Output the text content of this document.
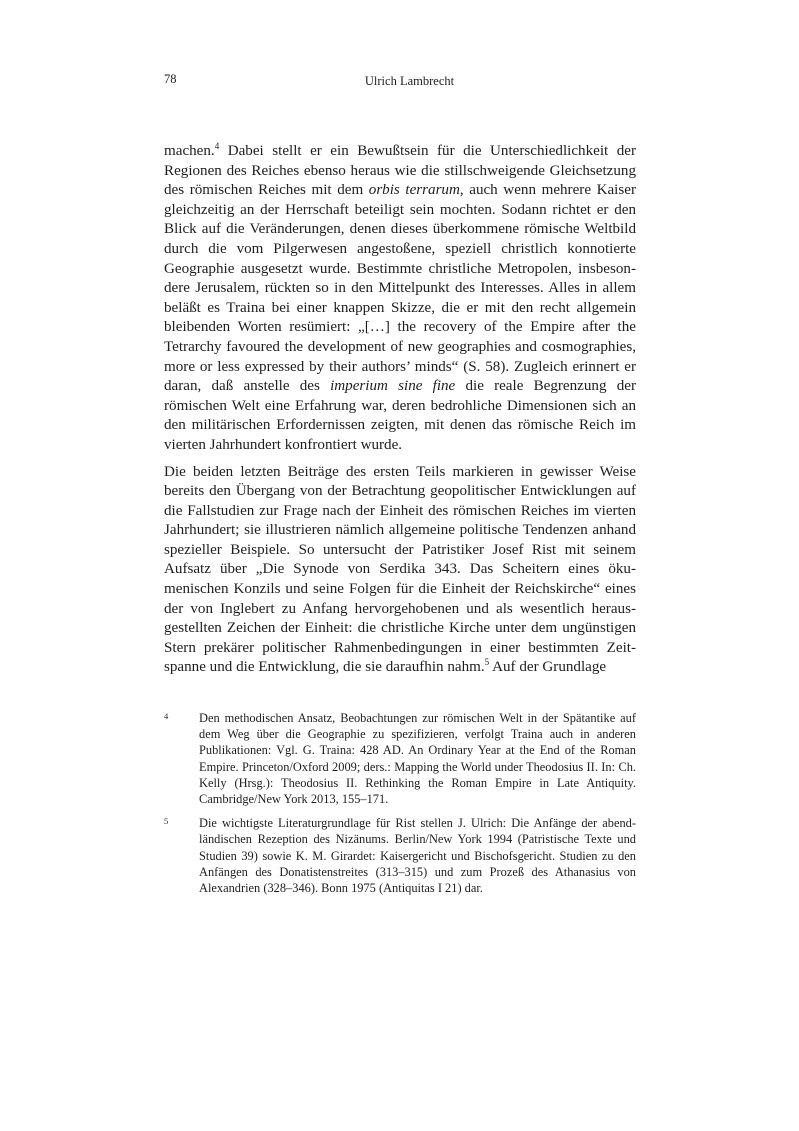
78	Ulrich Lambrecht

machen.$^4$ Dabei stellt er ein Bewußtsein für die Unterschiedlichkeit der Regionen des Reiches ebenso heraus wie die stillschweigende Gleichsetzung des römischen Reiches mit dem orbis terrarum, auch wenn mehrere Kaiser gleichzeitig an der Herrschaft beteiligt sein mochten. Sodann richtet er den Blick auf die Veränderungen, denen dieses überkommene römische Weltbild durch die vom Pilgerwesen angestoßene, speziell christlich konnotierte Geographie ausgesetzt wurde. Bestimmte christliche Metropolen, insbesondere Jerusalem, rückten so in den Mittelpunkt des Interesses. Alles in allem beläßt es Traina bei einer knappen Skizze, die er mit den recht allgemein bleibenden Worten resümiert: „[…] the recovery of the Empire after the Tetrarchy favoured the development of new geographies and cosmographies, more or less expressed by their authors’ minds“ (S. 58). Zugleich erinnert er daran, daß anstelle des imperium sine fine die reale Begrenzung der römischen Welt eine Erfahrung war, deren bedrohliche Dimensionen sich an den militärischen Erfordernissen zeigten, mit denen das römische Reich im vierten Jahrhundert konfrontiert wurde.

Die beiden letzten Beiträge des ersten Teils markieren in gewisser Weise bereits den Übergang von der Betrachtung geopolitischer Entwicklungen auf die Fallstudien zur Frage nach der Einheit des römischen Reiches im vierten Jahrhundert; sie illustrieren nämlich allgemeine politische Tendenzen anhand spezieller Beispiele. So untersucht der Patristiker Josef Rist mit seinem Aufsatz über „Die Synode von Serdika 343. Das Scheitern eines ökumenischen Konzils und seine Folgen für die Einheit der Reichskirche“ eines der von Inglebert zu Anfang hervorgehobenen und als wesentlich herausgestellten Zeichen der Einheit: die christliche Kirche unter dem ungünstigen Stern prekärer politischer Rahmenbedingungen in einer bestimmten Zeitspanne und die Entwicklung, die sie daraufhin nahm.$^5$ Auf der Grundlage

4	Den methodischen Ansatz, Beobachtungen zur römischen Welt in der Spätantike auf dem Weg über die Geographie zu spezifizieren, verfolgt Traina auch in anderen Publikationen: Vgl. G. Traina: 428 AD. An Ordinary Year at the End of the Roman Empire. Princeton/Oxford 2009; ders.: Mapping the World under Theodosius II. In: Ch. Kelly (Hrsg.): Theodosius II. Rethinking the Roman Empire in Late Antiquity. Cambridge/New York 2013, 155–171.
5	Die wichtigste Literaturgrundlage für Rist stellen J. Ulrich: Die Anfänge der abendländischen Rezeption des Nizänums. Berlin/New York 1994 (Patristische Texte und Studien 39) sowie K. M. Girardet: Kaisergericht und Bischofsgericht. Studien zu den Anfängen des Donatistenstreites (313–315) und zum Prozeß des Athanasius von Alexandrien (328–346). Bonn 1975 (Antiquitas I 21) dar.
